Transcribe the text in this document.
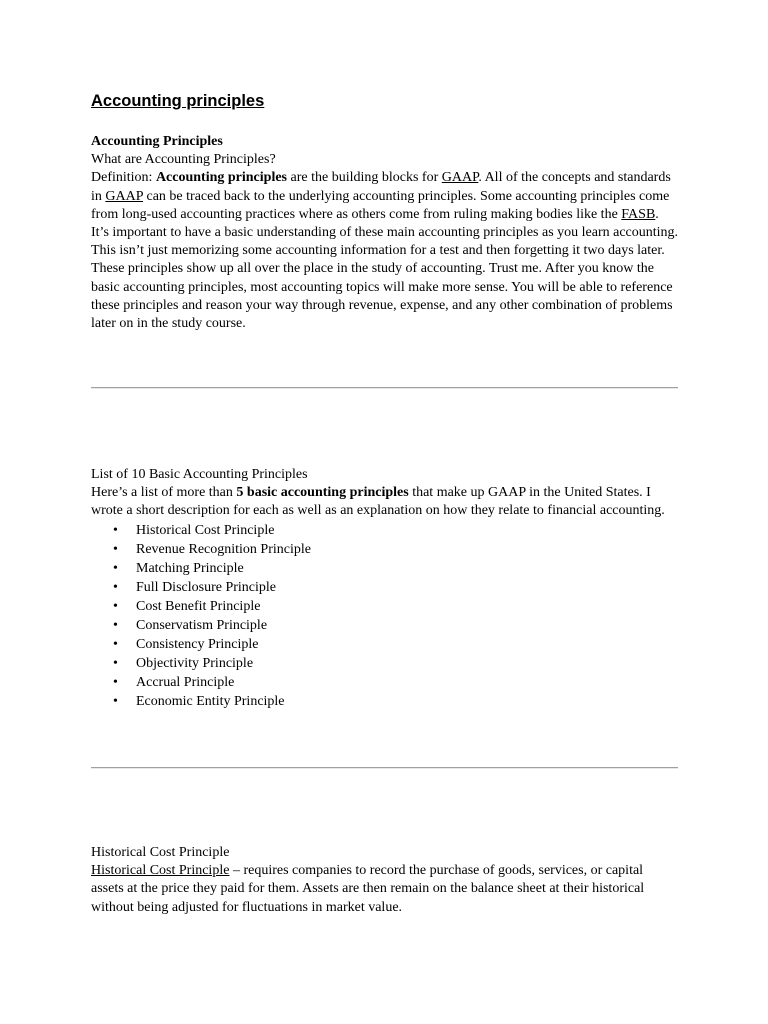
Accounting principles

Accounting Principles

What are Accounting Principles?

Definition: Accounting principles are the building blocks for GAAP. All of the concepts and standards in GAAP can be traced back to the underlying accounting principles. Some accounting principles come from long-used accounting practices where as others come from ruling making bodies like the FASB.

It’s important to have a basic understanding of these main accounting principles as you learn accounting. This isn’t just memorizing some accounting information for a test and then forgetting it two days later. These principles show up all over the place in the study of accounting. Trust me. After you know the basic accounting principles, most accounting topics will make more sense. You will be able to reference these principles and reason your way through revenue, expense, and any other combination of problems later on in the study course.

List of 10 Basic Accounting Principles

Here’s a list of more than 5 basic accounting principles that make up GAAP in the United States. I wrote a short description for each as well as an explanation on how they relate to financial accounting.

• Historical Cost Principle
• Revenue Recognition Principle
• Matching Principle
• Full Disclosure Principle
• Cost Benefit Principle
• Conservatism Principle
• Consistency Principle
• Objectivity Principle
• Accrual Principle
• Economic Entity Principle

Historical Cost Principle

Historical Cost Principle – requires companies to record the purchase of goods, services, or capital assets at the price they paid for them. Assets are then remain on the balance sheet at their historical without being adjusted for fluctuations in market value.
